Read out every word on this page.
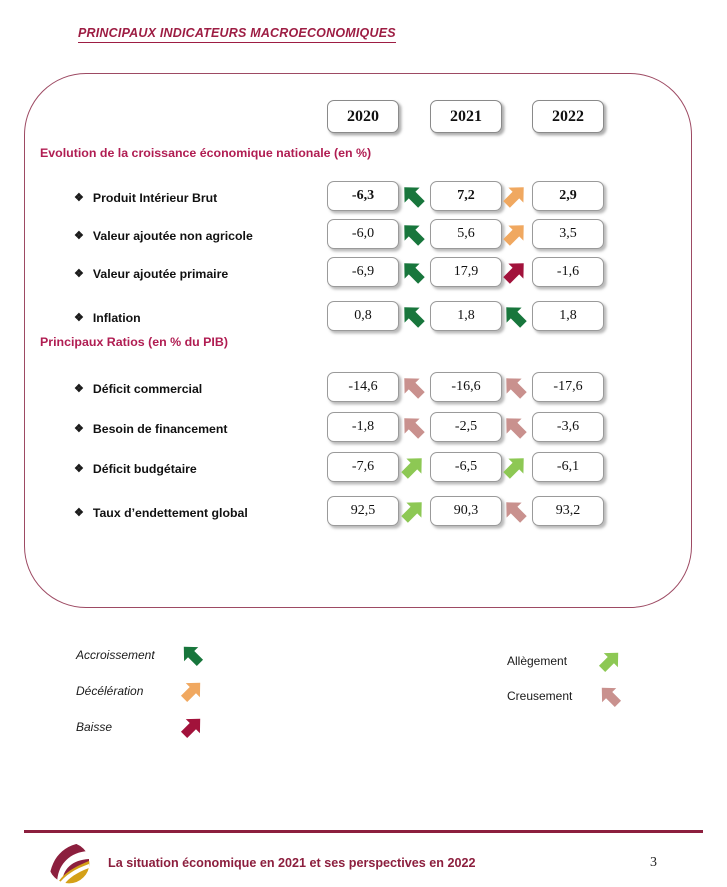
PRINCIPAUX INDICATEURS MACROECONOMIQUES
2020	2021	2022
Evolution de la croissance économique nationale (en %)
Principaux Ratios (en % du PIB)
❖ Produit Intérieur Brut	-6,3	7,2	2,9
❖ Valeur ajoutée non agricole	-6,0	5,6	3,5
❖ Valeur ajoutée primaire	-6,9	17,9	-1,6
❖ Inflation	0,8	1,8	1,8
❖ Déficit commercial	-14,6	-16,6	-17,6
❖ Besoin de financement	-1,8	-2,5	-3,6
❖ Déficit budgétaire	-7,6	-6,5	-6,1
❖ Taux d’endettement global	92,5	90,3	93,2
Accroissement
Décélération
Baisse
Allègement
Creusement
La situation économique en 2021 et ses perspectives en 2022	3
